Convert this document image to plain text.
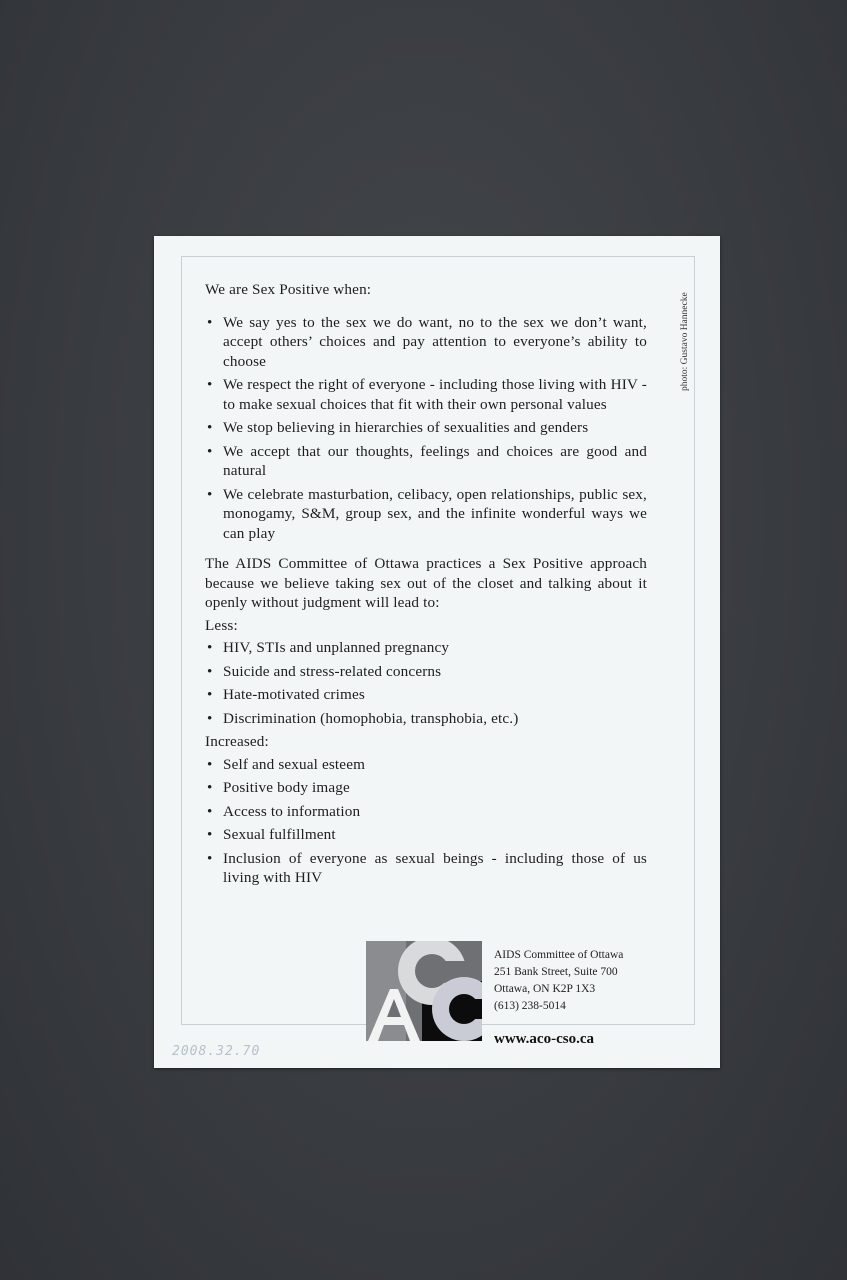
photo: Gustavo Hannecke

We are Sex Positive when:

• We say yes to the sex we do want, no to the sex we don’t want, accept others’ choices and pay attention to everyone’s ability to choose
• We respect the right of everyone - including those living with HIV - to make sexual choices that fit with their own personal values
• We stop believing in hierarchies of sexualities and genders
• We accept that our thoughts, feelings and choices are good and natural
• We celebrate masturbation, celibacy, open relationships, public sex, monogamy, S&M, group sex, and the infinite wonderful ways we can play

The AIDS Committee of Ottawa practices a Sex Positive approach because we believe taking sex out of the closet and talking about it openly without judgment will lead to:

Less:

• HIV, STIs and unplanned pregnancy
• Suicide and stress-related concerns
• Hate-motivated crimes
• Discrimination (homophobia, transphobia, etc.)

Increased:

• Self and sexual esteem
• Positive body image
• Access to information
• Sexual fulfillment
• Inclusion of everyone as sexual beings - including those of us living with HIV
AIDS Committee of Ottawa
251 Bank Street, Suite 700
Ottawa, ON K2P 1X3
(613) 238-5014
www.aco-cso.ca
2008.32.70
